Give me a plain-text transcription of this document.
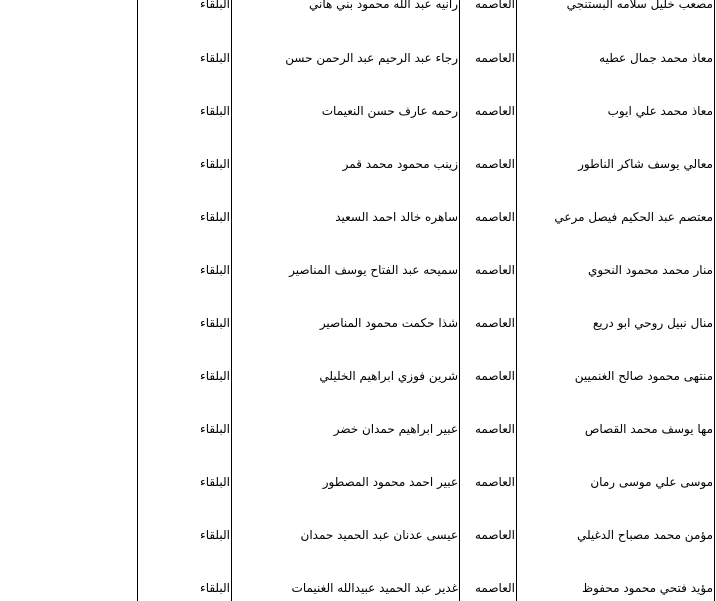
مصعب خليل سلامه البستنجي	العاصمه	رانيه عبد الله محمود بني هاني	البلقاء
معاذ محمد جمال عطيه	العاصمه	رجاء عبد الرحيم عبد الرحمن حسن	البلقاء
معاذ محمد علي ايوب	العاصمه	رحمه عارف حسن النعيمات	البلقاء
معالي يوسف شاكر الناطور	العاصمه	زينب محمود محمد قمر	البلقاء
معتصم عبد الحكيم فيصل مرعي	العاصمه	ساهره خالد احمد السعيد	البلقاء
منار محمد محمود النحوي	العاصمه	سميحه عبد الفتاح يوسف المناصير	البلقاء
منال نبيل روحي ابو دريع	العاصمه	شذا حكمت محمود المناصير	البلقاء
منتهى محمود صالح الغنميين	العاصمه	شرين فوزي ابراهيم الخليلي	البلقاء
مها يوسف محمد القصاص	العاصمه	عبير ابراهيم حمدان خضر	البلقاء
موسى علي موسى رمان	العاصمه	عبير احمد محمود المصطور	البلقاء
مؤمن محمد مصباح الدغيلي	العاصمه	عيسى عدنان عبد الحميد حمدان	البلقاء
مؤيد فتحي محمود محفوظ	العاصمه	غدير عبد الحميد عبيدالله الغنيمات	البلقاء
